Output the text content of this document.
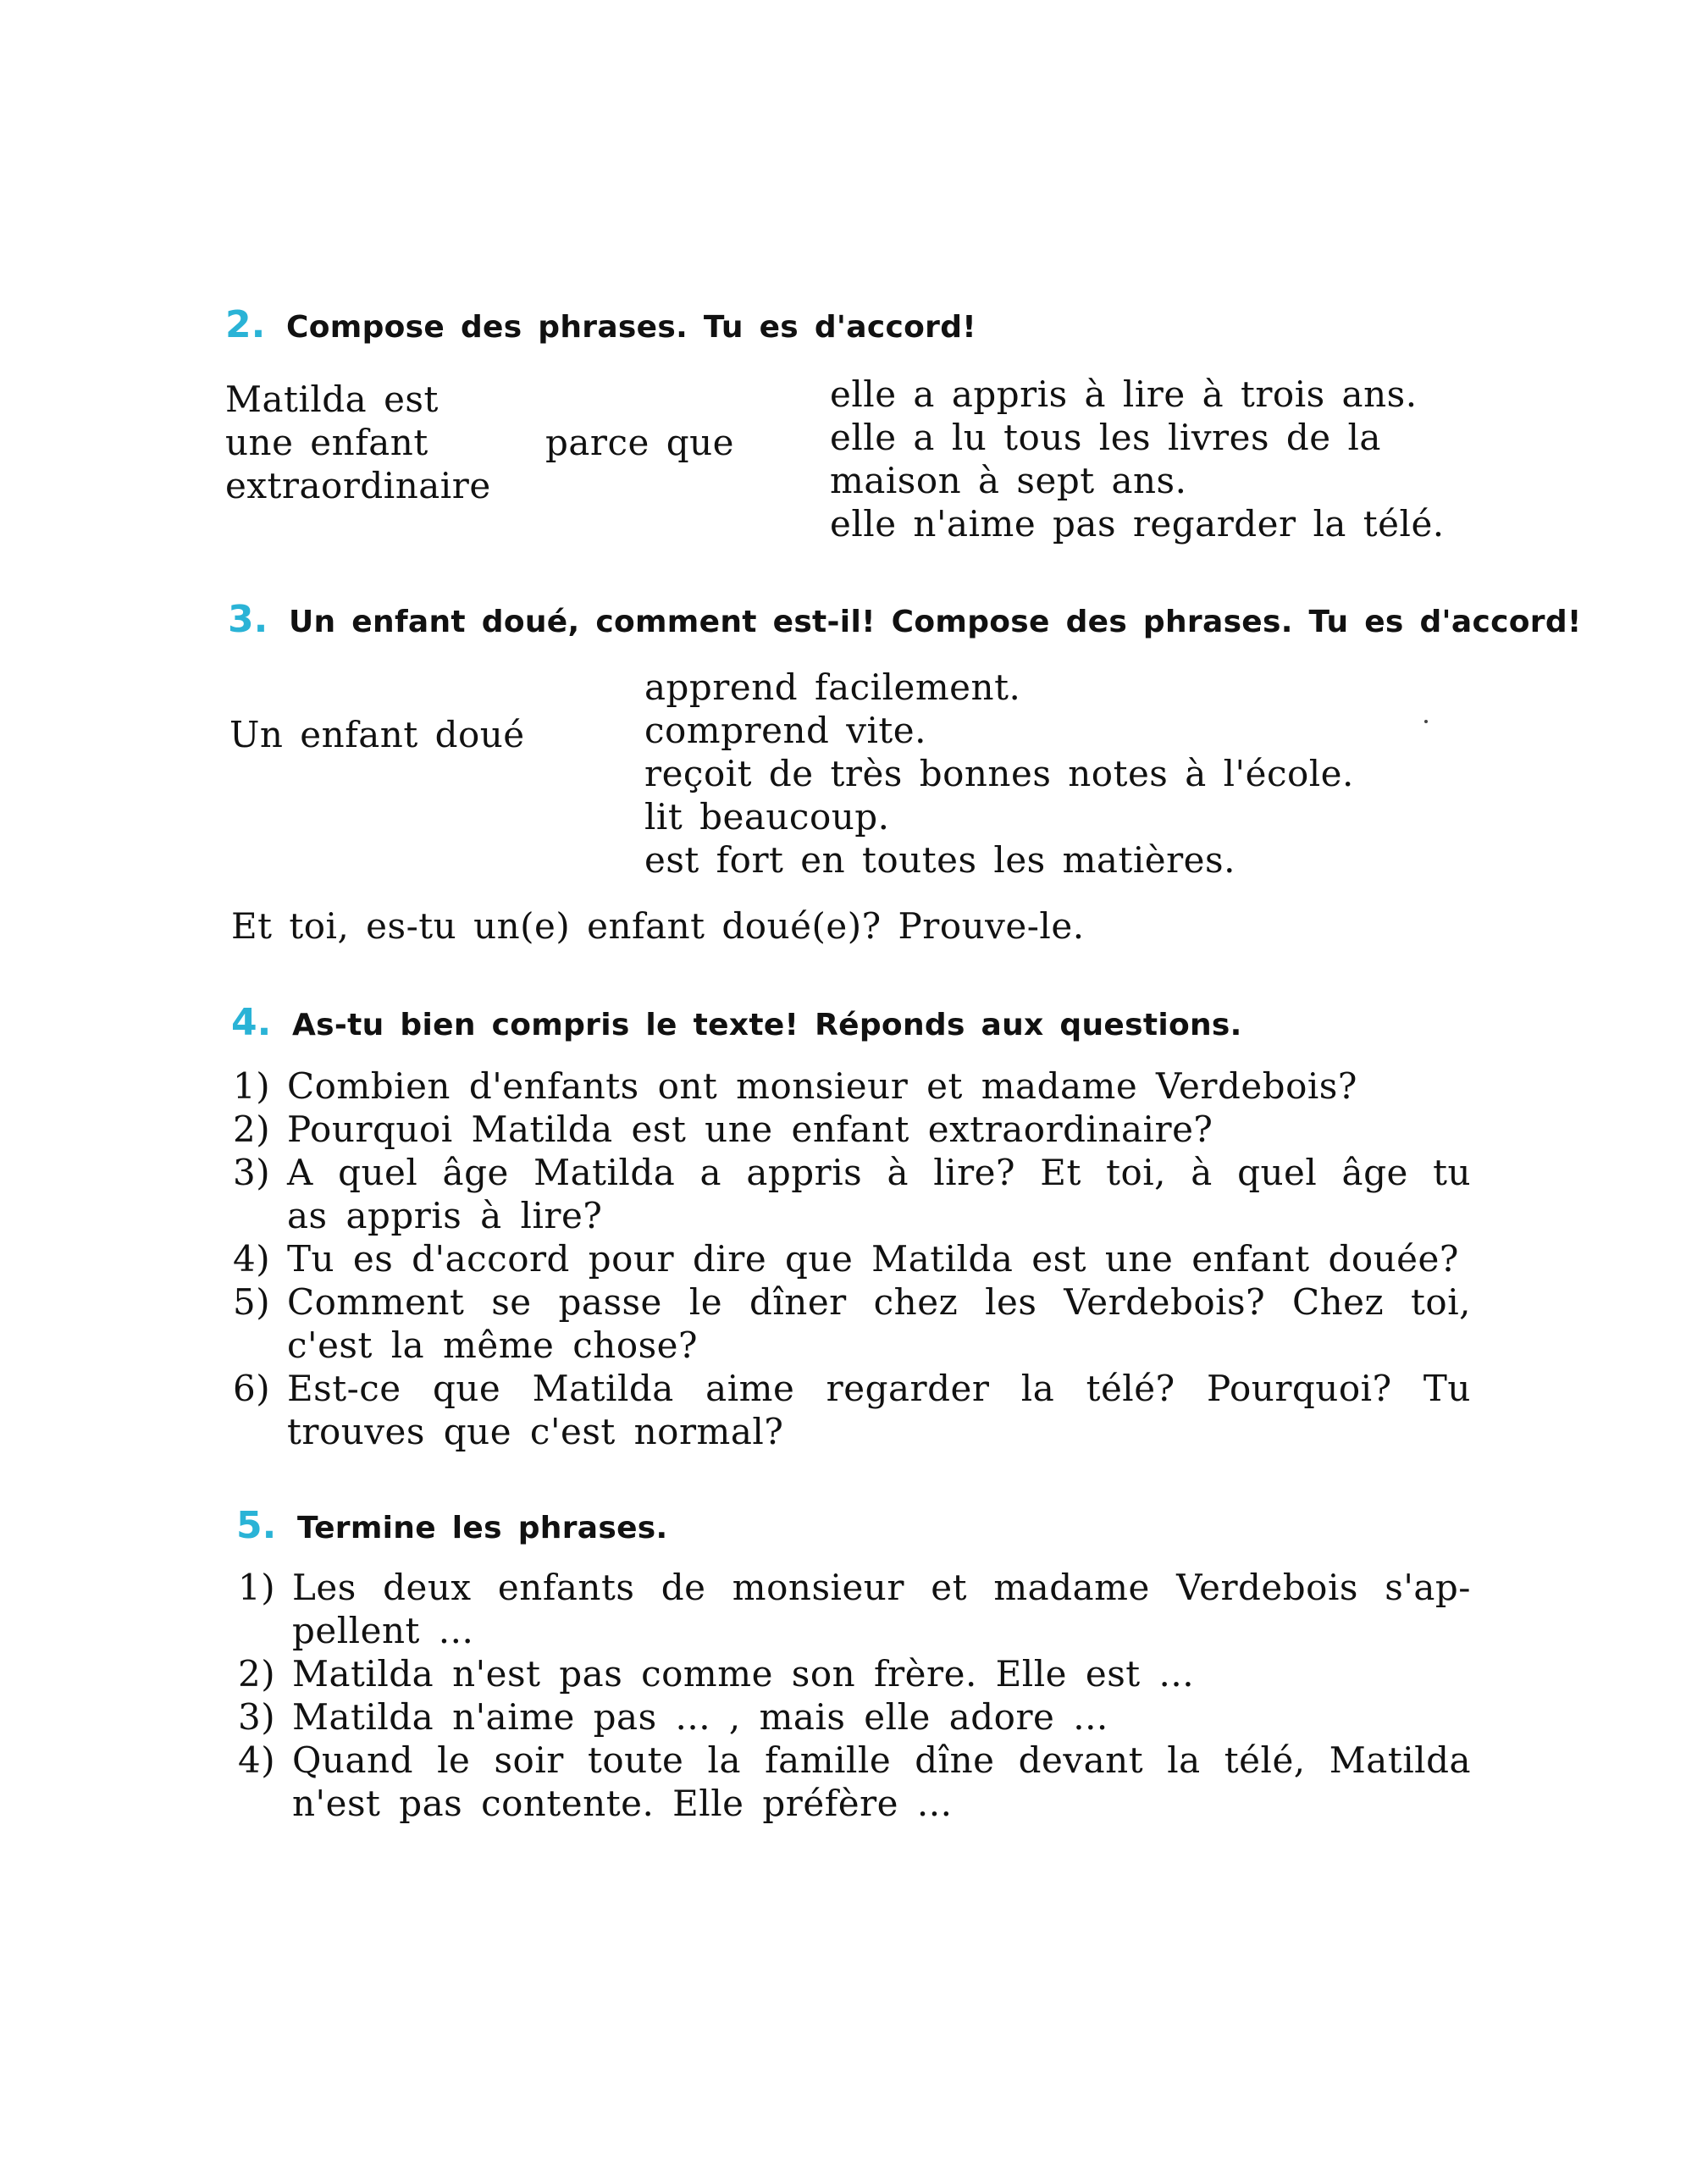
2. Compose des phrases. Tu es d'accord!
Matilda est
une enfant
extraordinaire
parce que
elle a appris à lire à trois ans.
elle a lu tous les livres de la
maison à sept ans.
elle n'aime pas regarder la télé.
3. Un enfant doué, comment est-il! Compose des phrases. Tu es d'accord!
Un enfant doué
apprend facilement.
comprend vite.
reçoit de très bonnes notes à l'école.
lit beaucoup.
est fort en toutes les matières.
Et toi, es-tu un(e) enfant doué(e)? Prouve-le.
4. As-tu bien compris le texte! Réponds aux questions.
1) Combien d'enfants ont monsieur et madame Verdebois?
2) Pourquoi Matilda est une enfant extraordinaire?
3) A quel âge Matilda a appris à lire? Et toi, à quel âge tu
as appris à lire?
4) Tu es d'accord pour dire que Matilda est une enfant douée?
5) Comment se passe le dîner chez les Verdebois? Chez toi,
c'est la même chose?
6) Est-ce que Matilda aime regarder la télé? Pourquoi? Tu
trouves que c'est normal?
5. Termine les phrases.
1) Les deux enfants de monsieur et madame Verdebois s'ap-
pellent ...
2) Matilda n'est pas comme son frère. Elle est ...
3) Matilda n'aime pas ... , mais elle adore ...
4) Quand le soir toute la famille dîne devant la télé, Matilda
n'est pas contente. Elle préfère ...
